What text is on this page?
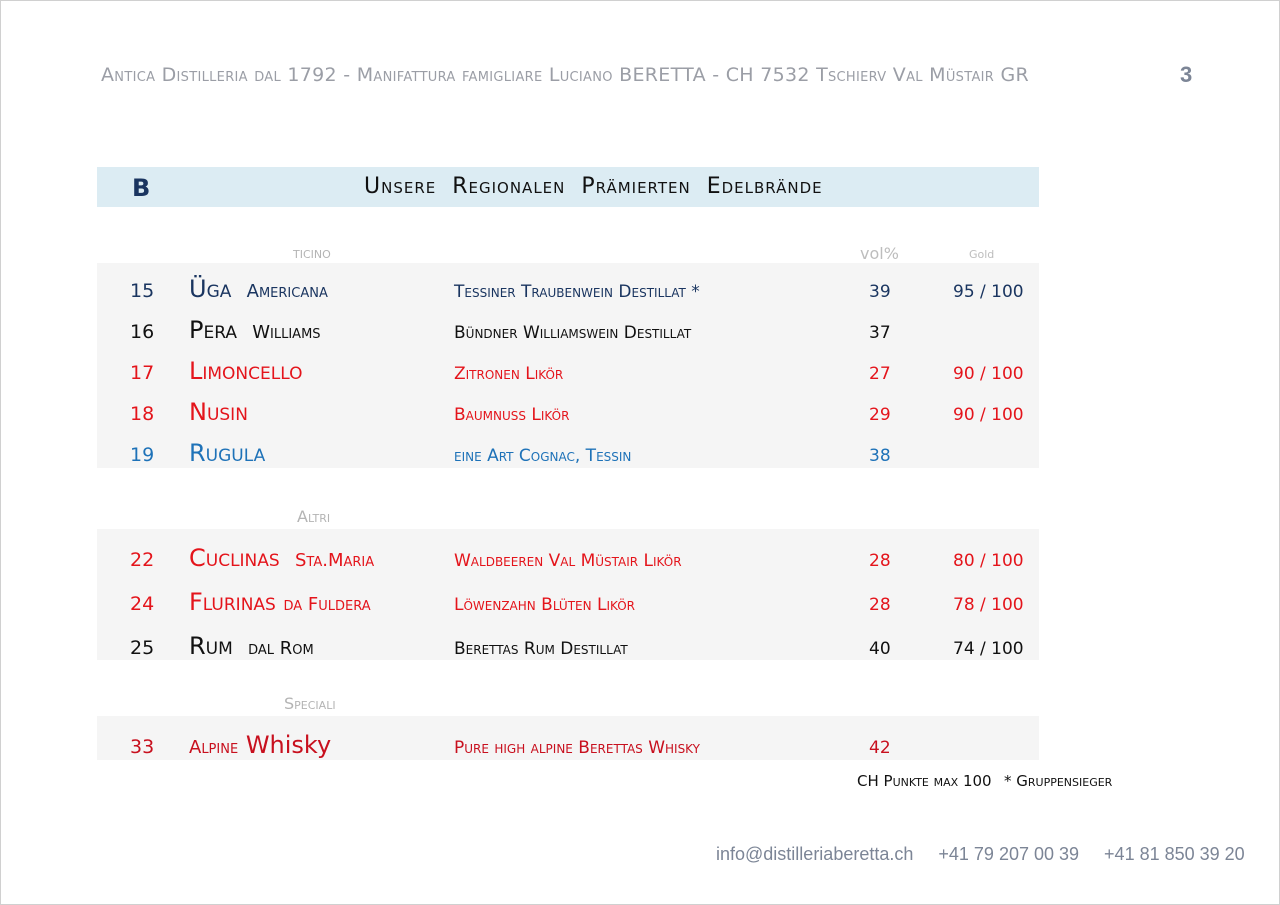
Antica Distilleria dal 1792 - Manifattura famigliare Luciano BERETTA - CH 7532 Tschierv Val Müstair GR	3
B	Unsere Regionalen Prämierten Edelbrände
ticino	vol%	Gold
15 Üga Americana	Tessiner Traubenwein Destillat *	39	95 / 100
16 Pera Williams	Bündner Williamswein Destillat	37
17 Limoncello	Zitronen Likör	27	90 / 100
18 Nusin	Baumnuss Likör	29	90 / 100
19 Rugula	eine Art Cognac, Tessin	38
Altri
22 Cuclinas Sta.Maria	Waldbeeren Val Müstair Likör	28	80 / 100
24 Flurinas da Fuldera	Löwenzahn Blüten Likör	28	78 / 100
25 Rum dal Rom	Berettas Rum Destillat	40	74 / 100
Speciali
33 Alpine Whisky	Pure high alpine Berettas Whisky	42
CH Punkte max 100 * Gruppensieger
info@distilleriaberetta.ch +41 79 207 00 39 +41 81 850 39 20
